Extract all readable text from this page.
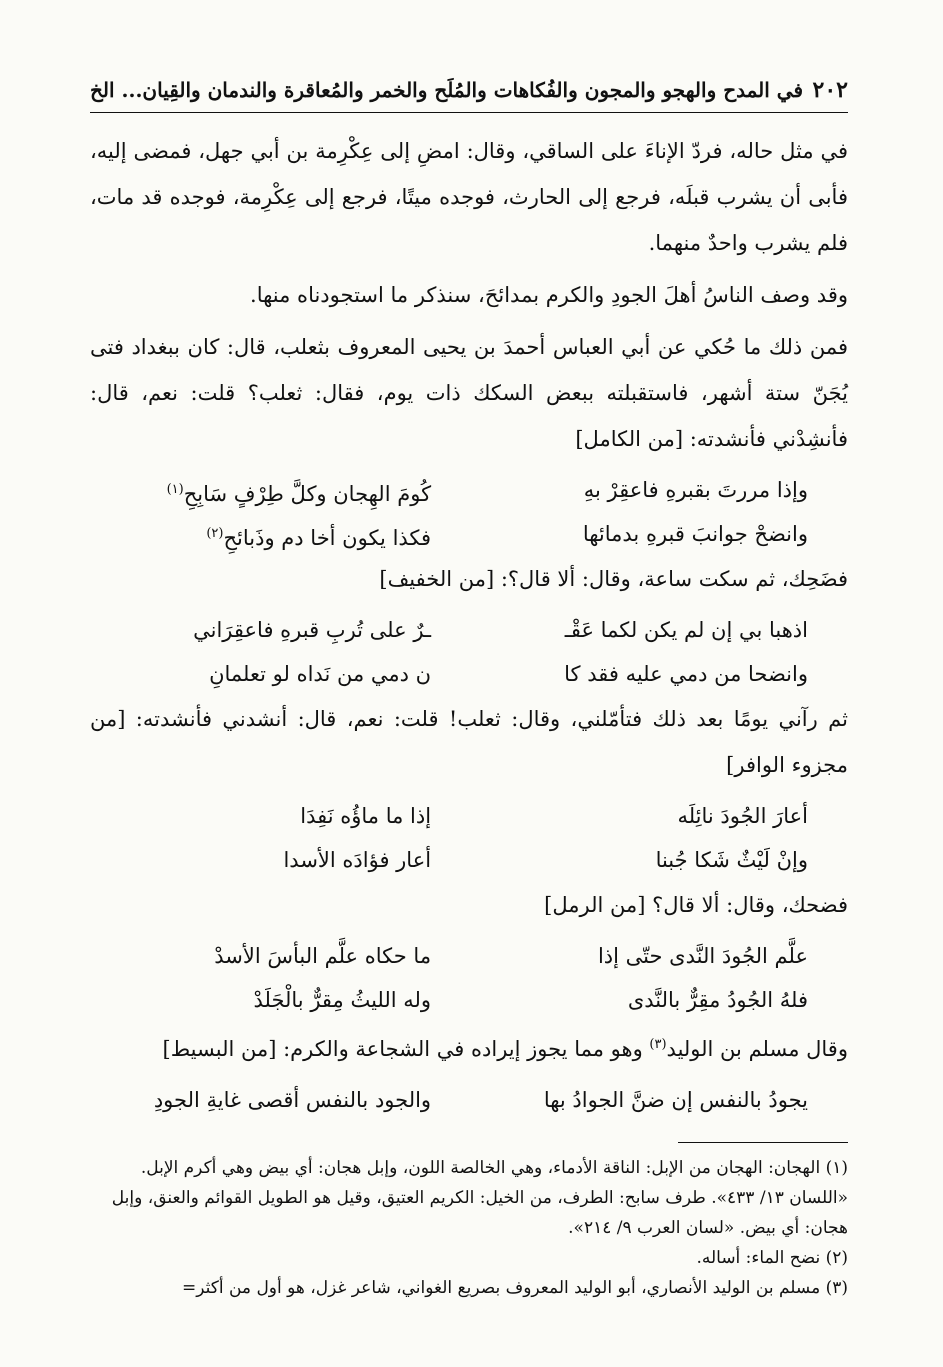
٢٠٢
في المدح والهجو والمجون والفُكاهات والمُلَح والخمر والمُعاقرة والندمان والقِيان... الخ

في مثل حاله، فردّ الإناءَ على الساقي، وقال: امضِ إلى عِكْرِمة بن أبي جهل، فمضى إليه، فأبى أن يشرب قبلَه، فرجع إلى الحارث، فوجده ميتًا، فرجع إلى عِكْرِمة، فوجده قد مات، فلم يشرب واحدٌ منهما.

وقد وصف الناسُ أهلَ الجودِ والكرم بمدائحَ، سنذكر ما استجودناه منها.

فمن ذلك ما حُكي عن أبي العباس أحمدَ بن يحيى المعروف بثعلب، قال: كان ببغداد فتى يُجَنّ ستة أشهر، فاستقبلته ببعض السكك ذات يوم، فقال: ثعلب؟ قلت: نعم، قال: فأنشِدْني فأنشدته: [من الكامل]

وإذا مررتَ بقبرهِ فاعقِرْ بهِ
كُومَ الهِجان وكلَّ طِرْفٍ سَابِحِ$^{(١)}$
وانضحْ جوانبَ قبرهِ بدمائها
فكذا يكون أخا دم وذَبائحِ$^{(٢)}$

فضَحِك، ثم سكت ساعة، وقال: ألا قال؟: [من الخفيف]

اذهبا بي إن لم يكن لكما عَقْـ
ـرٌ على تُربِ قبرهِ فاعقِرَاني
وانضحا من دمي عليه فقد كا
ن دمي من نَداه لو تعلمانِ

ثم رآني يومًا بعد ذلك فتأمّلني، وقال: ثعلب! قلت: نعم، قال: أنشدني فأنشدته: [من مجزوء الوافر]

أعارَ الجُودَ نائِلَه
إذا ما ماؤُه نَفِدَا
وإنْ لَيْثٌ شَكا جُبنا
أعار فؤادَه الأسدا

فضحك، وقال: ألا قال؟ [من الرمل]

علَّم الجُودَ النَّدى حتّى إذا
ما حكاه علَّم البأسَ الأسدْ
فلهُ الجُودُ مقِرٌّ بالنَّدى
وله الليثُ مِقرٌّ بالْجَلَدْ

وقال مسلم بن الوليد$^{(٣)}$ وهو مما يجوز إيراده في الشجاعة والكرم: [من البسيط]

يجودُ بالنفس إن ضنَّ الجوادُ بها
والجود بالنفس أقصى غايةِ الجودِ

(١) الهجان: الهجان من الإبل: الناقة الأدماء، وهي الخالصة اللون، وإبل هجان: أي بيض وهي أكرم الإبل. «اللسان ١٣/ ٤٣٣». طرف سابح: الطرف، من الخيل: الكريم العتيق، وقيل هو الطويل القوائم والعنق، وإبل هجان: أي بيض. «لسان العرب ٩/ ٢١٤».

(٢) نضح الماء: أساله.

(٣) مسلم بن الوليد الأنصاري، أبو الوليد المعروف بصريع الغواني، شاعر غزل، هو أول من أكثر=
